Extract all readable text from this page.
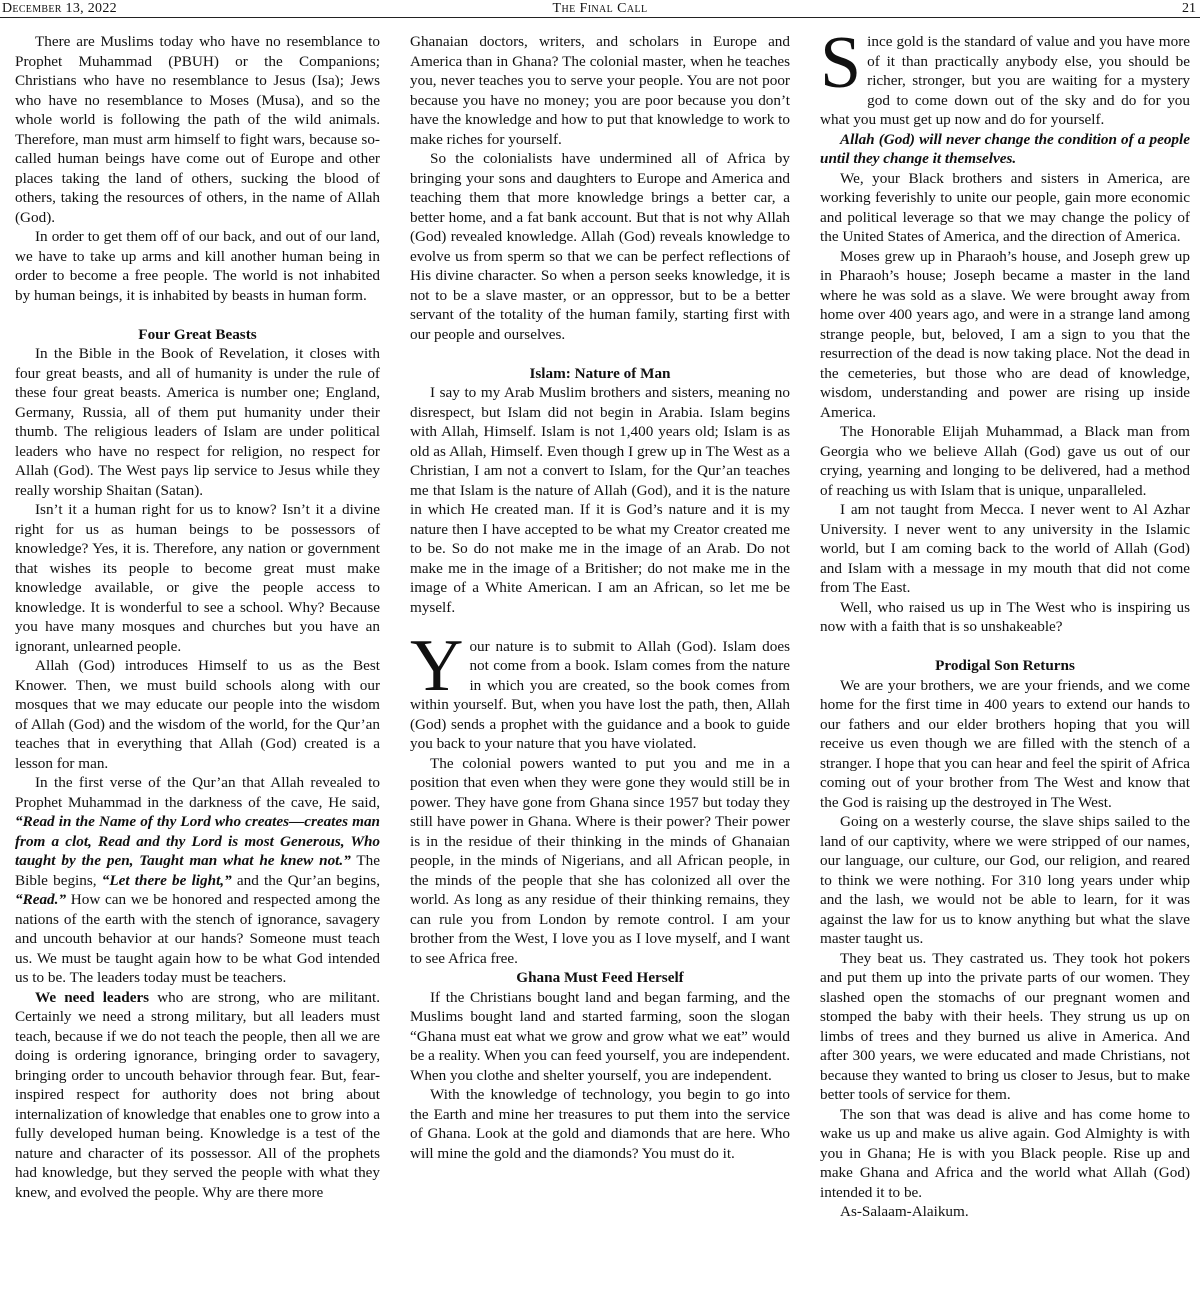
December 13, 2022	The Final Call	21

There are Muslims today who have no resemblance to Prophet Muhammad (PBUH) or the Companions; Christians who have no resemblance to Jesus (Isa); Jews who have no resemblance to Moses (Musa), and so the whole world is following the path of the wild animals. Therefore, man must arm himself to fight wars, because so-called human beings have come out of Europe and other places taking the land of others, sucking the blood of others, taking the resources of others, in the name of Allah (God).

In order to get them off of our back, and out of our land, we have to take up arms and kill another human being in order to become a free people. The world is not inhabited by human beings, it is inhabited by beasts in human form.

Four Great Beasts

In the Bible in the Book of Revelation, it closes with four great beasts, and all of humanity is under the rule of these four great beasts. America is number one; England, Germany, Russia, all of them put humanity under their thumb. The religious leaders of Islam are under political leaders who have no respect for religion, no respect for Allah (God). The West pays lip service to Jesus while they really worship Shaitan (Satan).

Isn’t it a human right for us to know? Isn’t it a divine right for us as human beings to be possessors of knowledge? Yes, it is. Therefore, any nation or government that wishes its people to become great must make knowledge available, or give the people access to knowledge. It is wonderful to see a school. Why? Because you have many mosques and churches but you have an ignorant, unlearned people.

Allah (God) introduces Himself to us as the Best Knower. Then, we must build schools along with our mosques that we may educate our people into the wisdom of Allah (God) and the wisdom of the world, for the Qur’an teaches that in everything that Allah (God) created is a lesson for man.

In the first verse of the Qur’an that Allah revealed to Prophet Muhammad in the darkness of the cave, He said, “Read in the Name of thy Lord who creates—creates man from a clot, Read and thy Lord is most Generous, Who taught by the pen, Taught man what he knew not.” The Bible begins, “Let there be light,” and the Qur’an begins, “Read.” How can we be honored and respected among the nations of the earth with the stench of ignorance, savagery and uncouth behavior at our hands? Someone must teach us. We must be taught again how to be what God intended us to be. The leaders today must be teachers.

We need leaders who are strong, who are militant. Certainly we need a strong military, but all leaders must teach, because if we do not teach the people, then all we are doing is ordering ignorance, bringing order to savagery, bringing order to uncouth behavior through fear. But, fear-inspired respect for authority does not bring about internalization of knowledge that enables one to grow into a fully developed human being. Knowledge is a test of the nature and character of its possessor. All of the prophets had knowledge, but they served the people with what they knew, and evolved the people. Why are there more

Ghanaian doctors, writers, and scholars in Europe and America than in Ghana? The colonial master, when he teaches you, never teaches you to serve your people. You are not poor because you have no money; you are poor because you don’t have the knowledge and how to put that knowledge to work to make riches for yourself.

So the colonialists have undermined all of Africa by bringing your sons and daughters to Europe and America and teaching them that more knowledge brings a better car, a better home, and a fat bank account. But that is not why Allah (God) revealed knowledge. Allah (God) reveals knowledge to evolve us from sperm so that we can be perfect reflections of His divine character. So when a person seeks knowledge, it is not to be a slave master, or an oppressor, but to be a better servant of the totality of the human family, starting first with our people and ourselves.

Islam: Nature of Man

I say to my Arab Muslim brothers and sisters, meaning no disrespect, but Islam did not begin in Arabia. Islam begins with Allah, Himself. Islam is not 1,400 years old; Islam is as old as Allah, Himself. Even though I grew up in The West as a Christian, I am not a convert to Islam, for the Qur’an teaches me that Islam is the nature of Allah (God), and it is the nature in which He created man. If it is God’s nature and it is my nature then I have accepted to be what my Creator created me to be. So do not make me in the image of an Arab. Do not make me in the image of a Britisher; do not make me in the image of a White American. I am an African, so let me be myself.

Your nature is to submit to Allah (God). Islam does not come from a book. Islam comes from the nature in which you are created, so the book comes from within yourself. But, when you have lost the path, then, Allah (God) sends a prophet with the guidance and a book to guide you back to your nature that you have violated.

The colonial powers wanted to put you and me in a position that even when they were gone they would still be in power. They have gone from Ghana since 1957 but today they still have power in Ghana. Where is their power? Their power is in the residue of their thinking in the minds of Ghanaian people, in the minds of Nigerians, and all African people, in the minds of the people that she has colonized all over the world. As long as any residue of their thinking remains, they can rule you from London by remote control. I am your brother from the West, I love you as I love myself, and I want to see Africa free.

Ghana Must Feed Herself

If the Christians bought land and began farming, and the Muslims bought land and started farming, soon the slogan “Ghana must eat what we grow and grow what we eat” would be a reality. When you can feed yourself, you are independent. When you clothe and shelter yourself, you are independent.

With the knowledge of technology, you begin to go into the Earth and mine her treasures to put them into the service of Ghana. Look at the gold and diamonds that are here. Who will mine the gold and the diamonds? You must do it.

Since gold is the standard of value and you have more of it than practically anybody else, you should be richer, stronger, but you are waiting for a mystery god to come down out of the sky and do for you what you must get up now and do for yourself.

Allah (God) will never change the condition of a people until they change it themselves.

We, your Black brothers and sisters in America, are working feverishly to unite our people, gain more economic and political leverage so that we may change the policy of the United States of America, and the direction of America.

Moses grew up in Pharaoh’s house, and Joseph grew up in Pharaoh’s house; Joseph became a master in the land where he was sold as a slave. We were brought away from home over 400 years ago, and were in a strange land among strange people, but, beloved, I am a sign to you that the resurrection of the dead is now taking place. Not the dead in the cemeteries, but those who are dead of knowledge, wisdom, understanding and power are rising up inside America.

The Honorable Elijah Muhammad, a Black man from Georgia who we believe Allah (God) gave us out of our crying, yearning and longing to be delivered, had a method of reaching us with Islam that is unique, unparalleled.

I am not taught from Mecca. I never went to Al Azhar University. I never went to any university in the Islamic world, but I am coming back to the world of Allah (God) and Islam with a message in my mouth that did not come from The East.

Well, who raised us up in The West who is inspiring us now with a faith that is so unshakeable?

Prodigal Son Returns

We are your brothers, we are your friends, and we come home for the first time in 400 years to extend our hands to our fathers and our elder brothers hoping that you will receive us even though we are filled with the stench of a stranger. I hope that you can hear and feel the spirit of Africa coming out of your brother from The West and know that the God is raising up the destroyed in The West.

Going on a westerly course, the slave ships sailed to the land of our captivity, where we were stripped of our names, our language, our culture, our God, our religion, and reared to think we were nothing. For 310 long years under whip and the lash, we would not be able to learn, for it was against the law for us to know anything but what the slave master taught us.

They beat us. They castrated us. They took hot pokers and put them up into the private parts of our women. They slashed open the stomachs of our pregnant women and stomped the baby with their heels. They strung us up on limbs of trees and they burned us alive in America. And after 300 years, we were educated and made Christians, not because they wanted to bring us closer to Jesus, but to make better tools of service for them.

The son that was dead is alive and has come home to wake us up and make us alive again. God Almighty is with you in Ghana; He is with you Black people. Rise up and make Ghana and Africa and the world what Allah (God) intended it to be.

As-Salaam-Alaikum.
